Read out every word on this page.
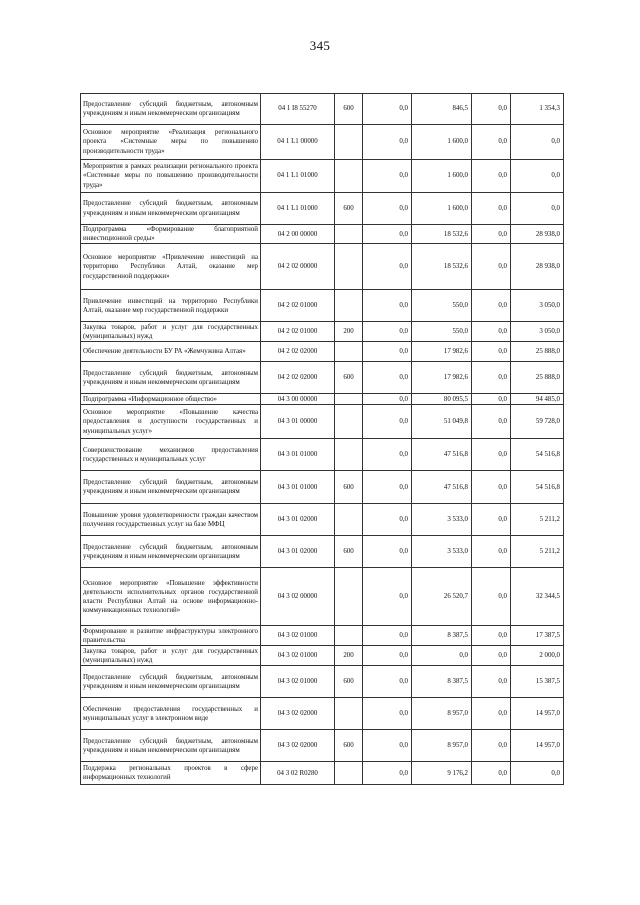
345
Предоставление субсидий бюджетным, автономным учреждениям и иным некоммерческим организациям	04 1 I8 55270	600	0,0	846,5	0,0	1 354,3
Основное мероприятие «Реализация регионального проекта «Системные меры по повышению производительности труда»	04 1 L1 00000		0,0	1 600,0	0,0	0,0
Мероприятия в рамках реализации регионального проекта «Системные меры по повышению производительности труда»	04 1 L1 01000		0,0	1 600,0	0,0	0,0
Предоставление субсидий бюджетным, автономным учреждениям и иным некоммерческим организациям	04 1 L1 01000	600	0,0	1 600,0	0,0	0,0
Подпрограмма «Формирование благоприятной инвестиционной среды»	04 2 00 00000		0,0	18 532,6	0,0	28 938,0
Основное мероприятие «Привлечение инвестиций на территорию Республики Алтай, оказание мер государственной поддержки»	04 2 02 00000		0,0	18 532,6	0,0	28 938,0
Привлечение инвестиций на территорию Республики Алтай, оказание мер государственной поддержки	04 2 02 01000		0,0	550,0	0,0	3 050,0
Закупка товаров, работ и услуг для государственных (муниципальных) нужд	04 2 02 01000	200	0,0	550,0	0,0	3 050,0
Обеспечение деятельности БУ РА «Жемчужина Алтая»	04 2 02 02000		0,0	17 982,6	0,0	25 888,0
Предоставление субсидий бюджетным, автономным учреждениям и иным некоммерческим организациям	04 2 02 02000	600	0,0	17 982,6	0,0	25 888,0
Подпрограмма «Информационное общество»	04 3 00 00000		0,0	80 095,5	0,0	94 485,0
Основное мероприятие «Повышение качества предоставления и доступности государственных и муниципальных услуг»	04 3 01 00000		0,0	51 049,8	0,0	59 728,0
Совершенствование механизмов предоставления государственных и муниципальных услуг	04 3 01 01000		0,0	47 516,8	0,0	54 516,8
Предоставление субсидий бюджетным, автономным учреждениям и иным некоммерческим организациям	04 3 01 01000	600	0,0	47 516,8	0,0	54 516,8
Повышение уровня удовлетворенности граждан качеством получения государственных услуг на базе МФЦ	04 3 01 02000		0,0	3 533,0	0,0	5 211,2
Предоставление субсидий бюджетным, автономным учреждениям и иным некоммерческим организациям	04 3 01 02000	600	0,0	3 533,0	0,0	5 211,2
Основное мероприятие «Повышение эффективности деятельности исполнительных органов государственной власти Республики Алтай на основе информационно-коммуникационных технологий»	04 3 02 00000		0,0	26 520,7	0,0	32 344,5
Формирование и развитие инфраструктуры электронного правительства	04 3 02 01000		0,0	8 387,5	0,0	17 387,5
Закупка товаров, работ и услуг для государственных (муниципальных) нужд	04 3 02 01000	200	0,0	0,0	0,0	2 000,0
Предоставление субсидий бюджетным, автономным учреждениям и иным некоммерческим организациям	04 3 02 01000	600	0,0	8 387,5	0,0	15 387,5
Обеспечение предоставления государственных и муниципальных услуг в электронном виде	04 3 02 02000		0,0	8 957,0	0,0	14 957,0
Предоставление субсидий бюджетным, автономным учреждениям и иным некоммерческим организациям	04 3 02 02000	600	0,0	8 957,0	0,0	14 957,0
Поддержка региональных проектов в сфере информационных технологий	04 3 02 R0280		0,0	9 176,2	0,0	0,0
